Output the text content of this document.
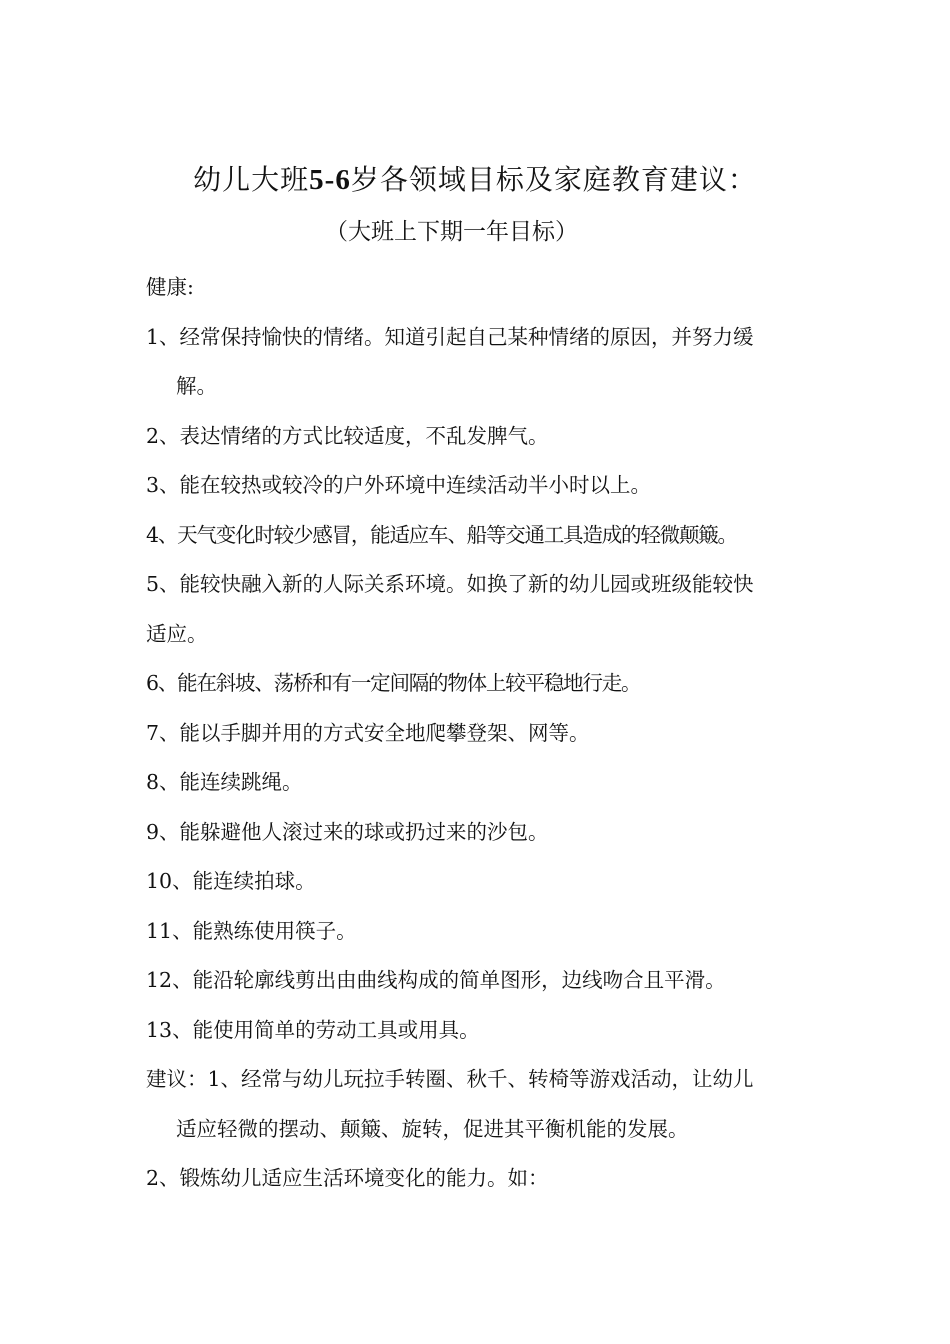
幼儿大班5-6岁各领域目标及家庭教育建议：
（大班上下期一年目标）
健康:
1、经常保持愉快的情绪。知道引起自己某种情绪的原因，并努力缓
解。
2、表达情绪的方式比较适度，不乱发脾气。
3、能在较热或较冷的户外环境中连续活动半小时以上。
4、天气变化时较少感冒，能适应车、船等交通工具造成的轻微颠簸。
5、能较快融入新的人际关系环境。如换了新的幼儿园或班级能较快
适应。
6、能在斜坡、荡桥和有一定间隔的物体上较平稳地行走。
7、能以手脚并用的方式安全地爬攀登架、网等。
8、能连续跳绳。
9、能躲避他人滚过来的球或扔过来的沙包。
10、能连续拍球。
11、能熟练使用筷子。
12、能沿轮廓线剪出由曲线构成的简单图形，边线吻合且平滑。
13、能使用简单的劳动工具或用具。
建议：1、经常与幼儿玩拉手转圈、秋千、转椅等游戏活动，让幼儿
适应轻微的摆动、颠簸、旋转，促进其平衡机能的发展。
2、锻炼幼儿适应生活环境变化的能力。如：
